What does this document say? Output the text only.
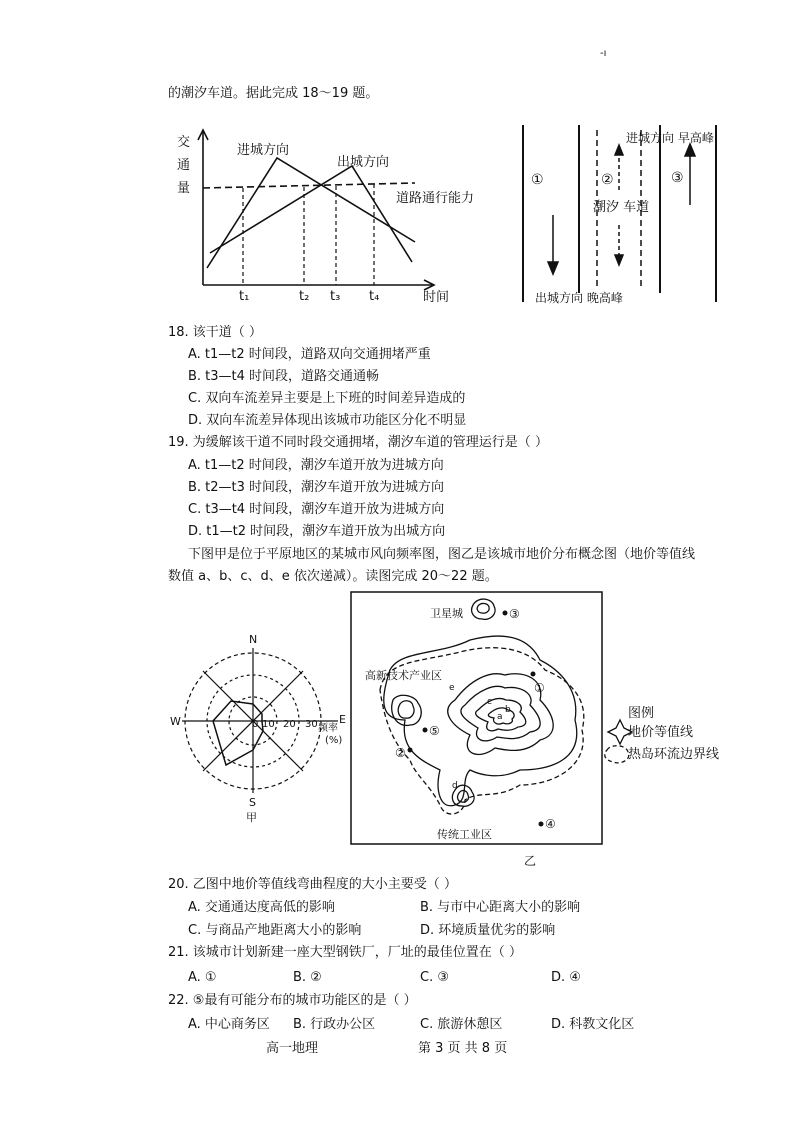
-ı
的潮汐车道。据此完成 18～19 题。
交
通
量
进城方向
出城方向
道路通行能力
时间
t₁	t₂ t₃ t₄
①	②	③
潮汐 车道
进城方向 早高峰
出城方向 晚高峰
18. 该干道（ ）
A. t1—t2 时间段，道路双向交通拥堵严重
B. t3—t4 时间段，道路交通通畅
C. 双向车流差异主要是上下班的时间差异造成的
D. 双向车流差异体现出该城市功能区分化不明显
19. 为缓解该干道不同时段交通拥堵，潮汐车道的管理运行是（ ）
A. t1—t2 时间段，潮汐车道开放为进城方向
B. t2—t3 时间段，潮汐车道开放为进城方向
C. t3—t4 时间段，潮汐车道开放为进城方向
D. t1—t2 时间段，潮汐车道开放为出城方向
下图甲是位于平原地区的某城市风向频率图，图乙是该城市地价分布概念图（地价等值线
数值 a、b、c、d、e 依次递减）。读图完成 20～22 题。
N
S
W	E
0 10 20 30 频率
(%)
甲
卫星城
高新技术产业区
传统工业区
乙
①
②
③
④
⑤
a
b
c
d
e
图例
地价等值线
热岛环流边界线
20. 乙图中地价等值线弯曲程度的大小主要受（ ）
A. 交通通达度高低的影响	B. 与市中心距离大小的影响
C. 与商品产地距离大小的影响	D. 环境质量优劣的影响
21. 该城市计划新建一座大型钢铁厂，厂址的最佳位置在（ ）
A. ①	B. ②	C. ③	D. ④
22. ⑤最有可能分布的城市功能区的是（ ）
A. 中心商务区 B. 行政办公区	C. 旅游休憩区	D. 科教文化区
高一地理	第 3 页 共 8 页
